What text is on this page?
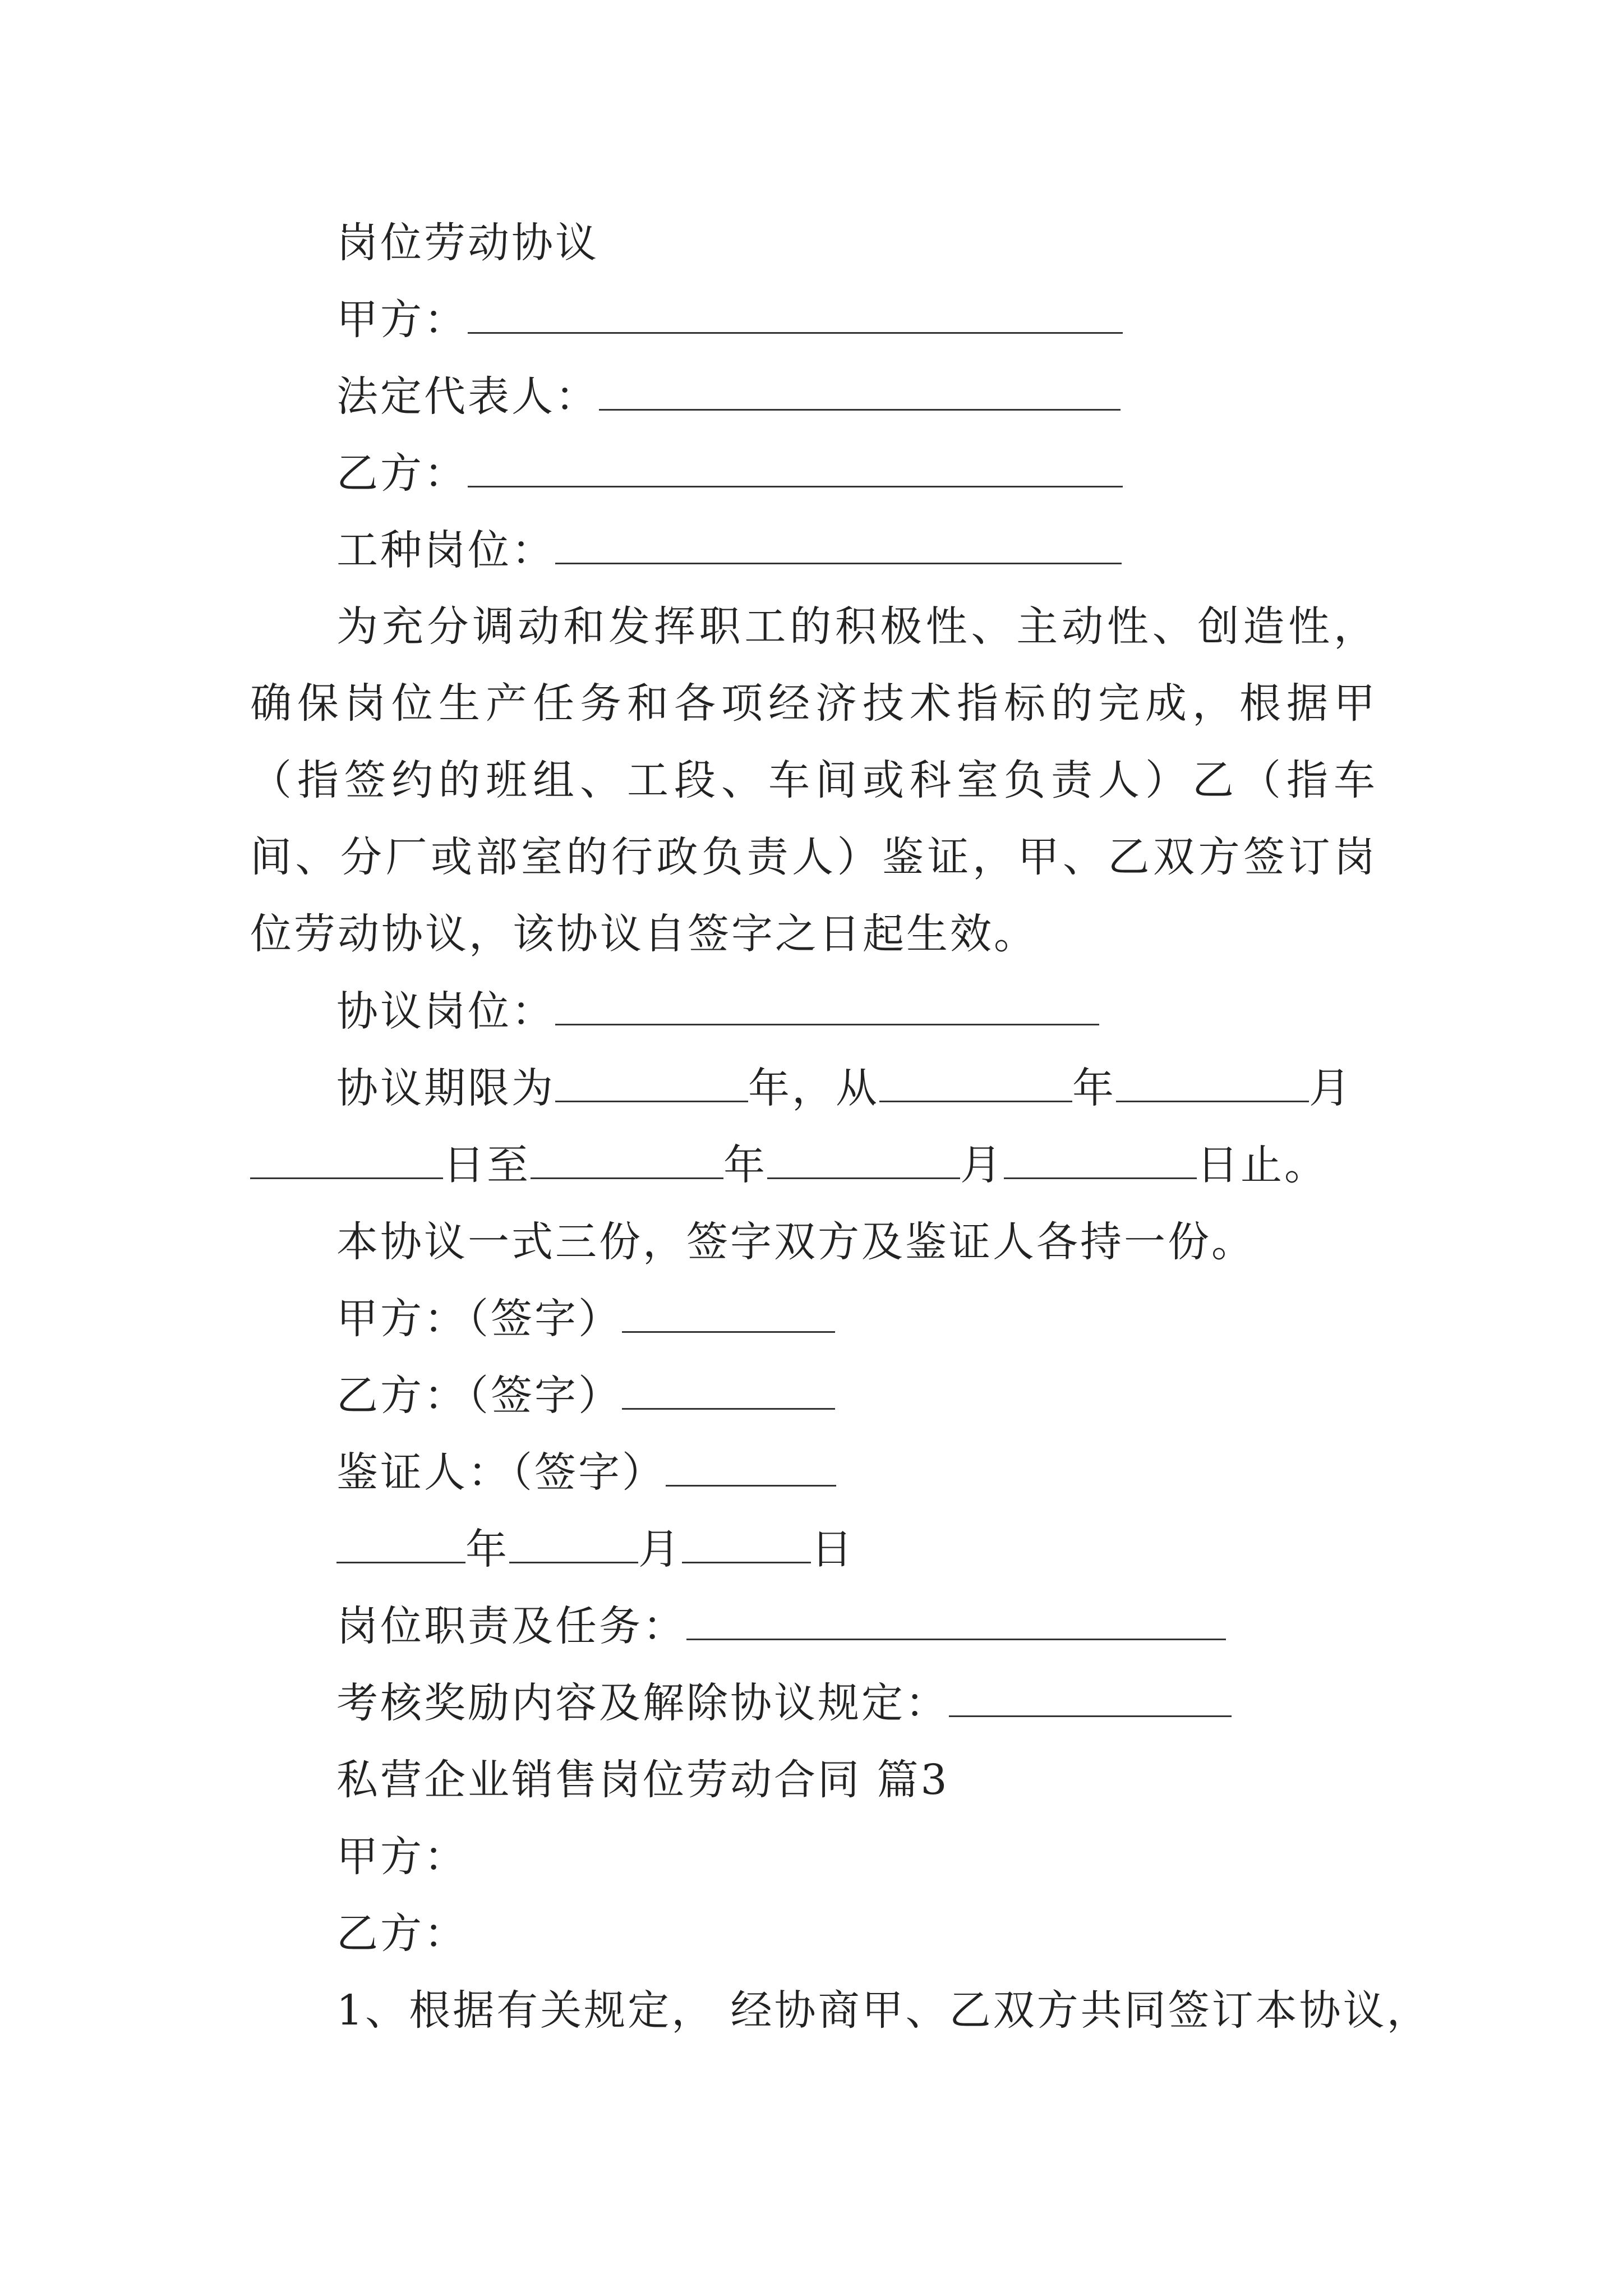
岗位劳动协议
甲方：
法定代表人：
乙方：
工种岗位：
为充分调动和发挥职工的积极性、主动性、创造性，确保岗位生产任务和各项经济技术指标的完成，根据甲（指签约的班组、工段、车间或科室负责人）乙（指车间、分厂或部室的行政负责人）鉴证，甲、乙双方签订岗位劳动协议，该协议自签字之日起生效。
协议岗位：
协议期限为	年，从	年	月
日至	年	月	日止。
本协议一式三份，签字双方及鉴证人各持一份。
甲方：（签字）
乙方：（签字）
鉴证人：（签字）
年	月	日
岗位职责及任务：
考核奖励内容及解除协议规定：
私营企业销售岗位劳动合同 篇3
甲方：
乙方：
1、根据有关规定， 经协商甲、乙双方共同签订本协议，
